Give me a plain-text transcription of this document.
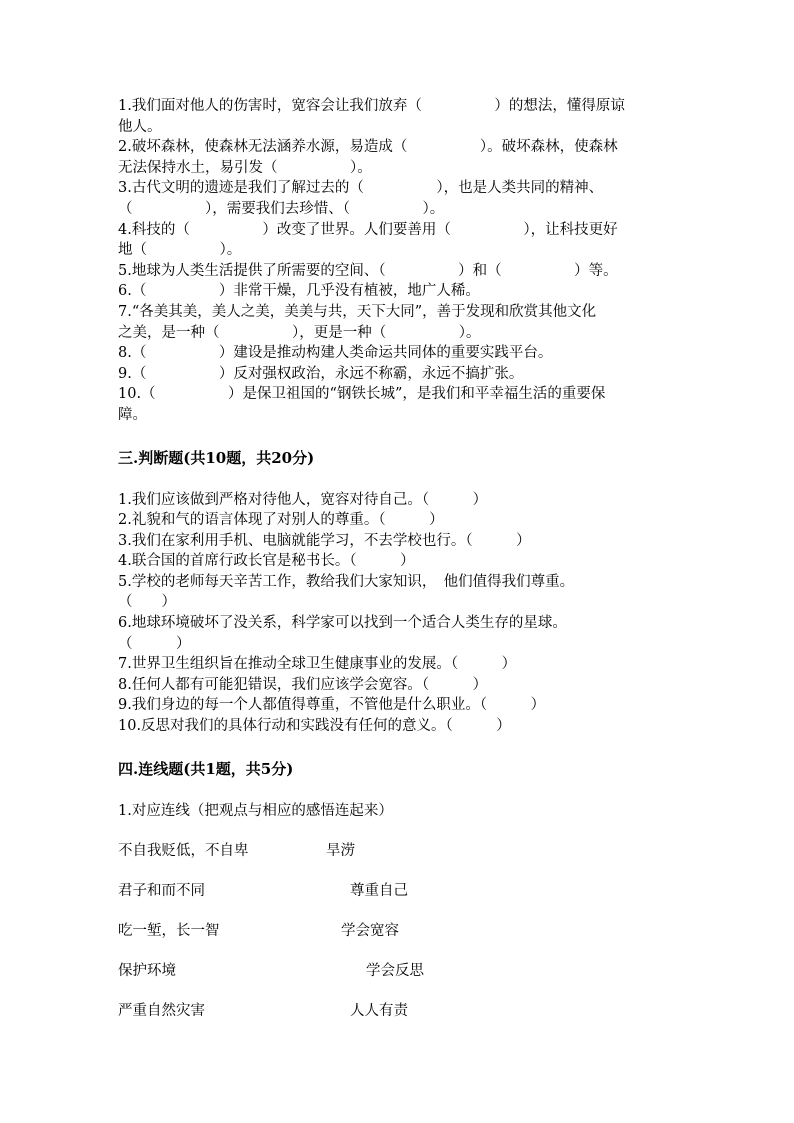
1.我们面对他人的伤害时，宽容会让我们放弃（　　　　　）的想法，懂得原谅
他人。
2.破坏森林，使森林无法涵养水源，易造成（　　　　　）。破坏森林，使森林
无法保持水土，易引发（　　　　　）。
3.古代文明的遗迹是我们了解过去的（　　　　　），也是人类共同的精神、
（　　　　　），需要我们去珍惜、（　　　　　）。
4.科技的（　　　　　）改变了世界。人们要善用（　　　　　），让科技更好
地（　　　　　）。
5.地球为人类生活提供了所需要的空间、（　　　　　）和（　　　　　）等。
6.（　　　　　）非常干燥，几乎没有植被，地广人稀。
7.“各美其美，美人之美，美美与共，天下大同”，善于发现和欣赏其他文化
之美，是一种（　　　　　），更是一种（　　　　　）。
8.（　　　　　）建设是推动构建人类命运共同体的重要实践平台。
9.（　　　　　）反对强权政治，永远不称霸，永远不搞扩张。
10.（　　　　　）是保卫祖国的“钢铁长城”，是我们和平幸福生活的重要保
障。
三.判断题(共10题，共20分)
1.我们应该做到严格对待他人，宽容对待自己。（　　　）
2.礼貌和气的语言体现了对别人的尊重。（　　　）
3.我们在家利用手机、电脑就能学习，不去学校也行。（　　　）
4.联合国的首席行政长官是秘书长。（　　　）
5.学校的老师每天辛苦工作，教给我们大家知识，　他们值得我们尊重。
（　　）
6.地球环境破坏了没关系，科学家可以找到一个适合人类生存的星球。
（　　　）
7.世界卫生组织旨在推动全球卫生健康事业的发展。（　　　）
8.任何人都有可能犯错误，我们应该学会宽容。（　　　）
9.我们身边的每一个人都值得尊重，不管他是什么职业。（　　　）
10.反思对我们的具体行动和实践没有任何的意义。（　　　）
四.连线题(共1题，共5分)
1.对应连线（把观点与相应的感悟连起来）
不自我贬低，不自卑	旱涝
君子和而不同	尊重自己
吃一堑，长一智	学会宽容
保护环境	学会反思
严重自然灾害	人人有责
